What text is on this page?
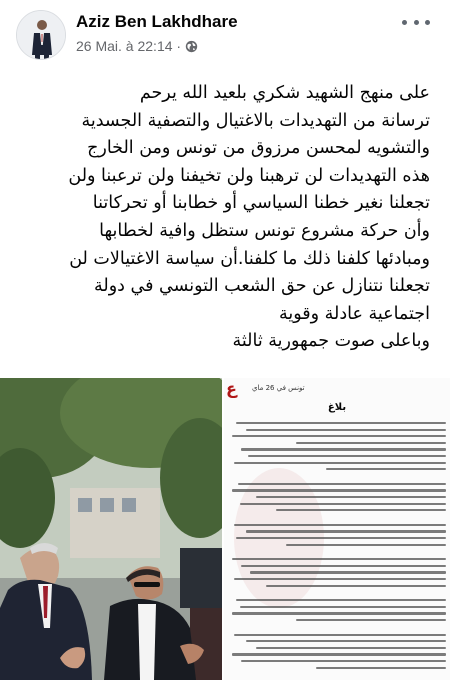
Aziz Ben Lakhdhare
26 Mai. à 22:14 ·

على منهج الشهيد شكري بلعيد الله يرحم

ترسانة من التهديدات بالاغتيال والتصفية الجسدية

والتشويه لمحسن مرزوق من تونس ومن الخارج

هذه التهديدات لن ترهبنا ولن تخيفنا ولن ترعبنا ولن

تجعلنا نغير خطنا السياسي أو خطابنا أو تحركاتنا

وأن حركة مشروع تونس ستظل وافية لخطابها

ومبادئها كلفنا ذلك ما كلفنا.أن سياسة الاغتيالات لن

تجعلنا نتنازل عن حق الشعب التونسي في دولة

اجتماعية عادلة وقوية

وباعلى صوت جمهورية ثالثة

ع تونس في 26 ماي
بلاغ
